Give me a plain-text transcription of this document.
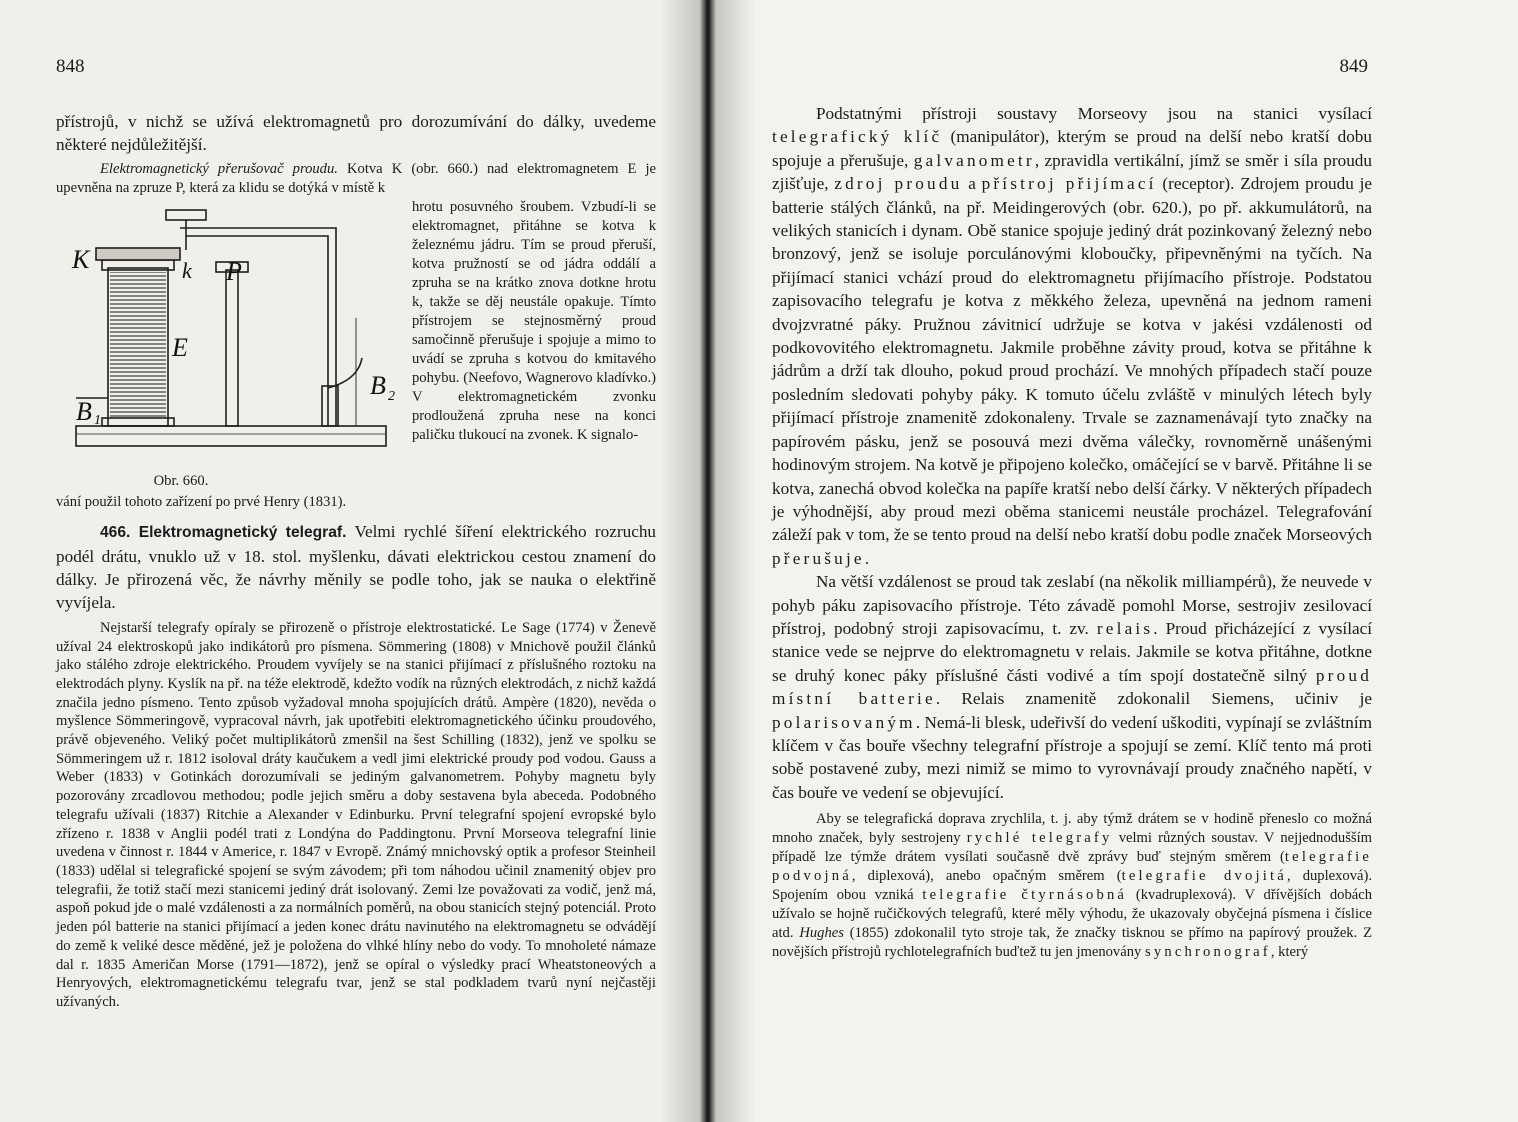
848

přístrojů, v nichž se užívá elektromagnetů pro dorozumívání do dálky, uvedeme některé nejdůležitější.

Elektromagnetický přerušovač proudu. Kotva K (obr. 660.) nad elektromagnetem E je upevněna na zpruze P, která za klidu se dotýká v místě k

K	k P
E
B 1
B 2
Obr. 660.
hrotu posuvného šroubem. Vzbudí-li se elektromagnet, přitáhne se kotva k železnému jádru. Tím se proud přeruší, kotva pružností se od jádra oddálí a zpruha se na krátko znova dotkne hrotu k, takže se děj neustále opakuje. Tímto přístrojem se stejnosměrný proud samočinně přerušuje i spojuje a mimo to uvádí se zpruha s kotvou do kmitavého pohybu. (Neefovo, Wagnerovo kladívko.) V elektromagnetickém zvonku prodloužená zpruha nese na konci paličku tlukoucí na zvonek. K signalo-

vání použil tohoto zařízení po prvé Henry (1831).

466. Elektromagnetický telegraf. Velmi rychlé šíření elektrického rozruchu podél drátu, vnuklo už v 18. stol. myšlenku, dávati elektrickou cestou znamení do dálky. Je přirozená věc, že návrhy měnily se podle toho, jak se nauka o elektřině vyvíjela.

Nejstarší telegrafy opíraly se přirozeně o přístroje elektrostatické. Le Sage (1774) v Ženevě užíval 24 elektroskopů jako indikátorů pro písmena. Sömmering (1808) v Mnichově použil článků jako stálého zdroje elektrického. Proudem vyvíjely se na stanici přijímací z příslušného roztoku na elektrodách plyny. Kyslík na př. na téže elektrodě, kdežto vodík na různých elektrodách, z nichž každá značila jedno písmeno. Tento způsob vyžadoval mnoha spojujících drátů. Ampère (1820), nevěda o myšlence Sömmeringově, vypracoval návrh, jak upotřebiti elektromagnetického účinku proudového, právě objeveného. Veliký počet multiplikátorů zmenšil na šest Schilling (1832), jenž ve spolku se Sömmeringem už r. 1812 isoloval dráty kaučukem a vedl jimi elektrické proudy pod vodou. Gauss a Weber (1833) v Gotinkách dorozumívali se jediným galvanometrem. Pohyby magnetu byly pozorovány zrcadlovou methodou; podle jejich směru a doby sestavena byla abeceda. Podobného telegrafu užívali (1837) Ritchie a Alexander v Edinburku. První telegrafní spojení evropské bylo zřízeno r. 1838 v Anglii podél trati z Londýna do Paddingtonu. První Morseova telegrafní linie uvedena v činnost r. 1844 v Americe, r. 1847 v Evropě. Známý mnichovský optik a profesor Steinheil (1833) udělal si telegrafické spojení se svým závodem; při tom náhodou učinil znamenitý objev pro telegrafii, že totiž stačí mezi stanicemi jediný drát isolovaný. Zemi lze považovati za vodič, jenž má, aspoň pokud jde o malé vzdálenosti a za normálních poměrů, na obou stanicích stejný potenciál. Proto jeden pól batterie na stanici přijímací a jeden konec drátu navinutého na elektromagnetu se odvádějí do země k veliké desce měděné, jež je položena do vlhké hlíny nebo do vody. To mnoholeté námaze dal r. 1835 Američan Morse (1791—1872), jenž se opíral o výsledky prací Wheatstoneových a Henryových, elektromagnetickému telegrafu tvar, jenž se stal podkladem tvarů nyní nejčastěji užívaných.

849

Podstatnými přístroji soustavy Morseovy jsou na stanici vysílací telegrafický klíč (manipulátor), kterým se proud na delší nebo kratší dobu spojuje a přerušuje, galvanometr, zpravidla vertikální, jímž se směr i síla proudu zjišťuje, zdroj proudu a přístroj přijímací (receptor). Zdrojem proudu je batterie stálých článků, na př. Meidingerových (obr. 620.), po př. akkumulátorů, na velikých stanicích i dynam. Obě stanice spojuje jediný drát pozinkovaný železný nebo bronzový, jenž se isoluje porculánovými kloboučky, připevněnými na tyčích. Na přijímací stanici vchází proud do elektromagnetu přijímacího přístroje. Podstatou zapisovacího telegrafu je kotva z měkkého železa, upevněná na jednom rameni dvojzvratné páky. Pružnou závitnicí udržuje se kotva v jakési vzdálenosti od podkovovitého elektromagnetu. Jakmile proběhne závity proud, kotva se přitáhne k jádrům a drží tak dlouho, pokud proud prochází. Ve mnohých případech stačí pouze posledním sledovati pohyby páky. K tomuto účelu zvláště v minulých létech byly přijímací přístroje znamenitě zdokonaleny. Trvale se zaznamenávají tyto značky na papírovém pásku, jenž se posouvá mezi dvěma válečky, rovnoměrně unášenými hodinovým strojem. Na kotvě je připojeno kolečko, omáčející se v barvě. Přitáhne li se kotva, zanechá obvod kolečka na papíře kratší nebo delší čárky. V některých případech je výhodnější, aby proud mezi oběma stanicemi neustále procházel. Telegrafování záleží pak v tom, že se tento proud na delší nebo kratší dobu podle značek Morseových přerušuje.

Na větší vzdálenost se proud tak zeslabí (na několik milliampérů), že neuvede v pohyb páku zapisovacího přístroje. Této závadě pomohl Morse, sestrojiv zesilovací přístroj, podobný stroji zapisovacímu, t. zv. relais. Proud přicházející z vysílací stanice vede se nejprve do elektromagnetu v relais. Jakmile se kotva přitáhne, dotkne se druhý konec páky příslušné části vodivé a tím spojí dostatečně silný proud místní batterie. Relais znamenitě zdokonalil Siemens, učiniv je polarisovaným. Nemá-li blesk, udeřivší do vedení uškoditi, vypínají se zvláštním klíčem v čas bouře všechny telegrafní přístroje a spojují se zemí. Klíč tento má proti sobě postavené zuby, mezi nimiž se mimo to vyrovnávají proudy značného napětí, v čas bouře ve vedení se objevující.

Aby se telegrafická doprava zrychlila, t. j. aby týmž drátem se v hodině přeneslo co možná mnoho značek, byly sestrojeny rychlé telegrafy velmi různých soustav. V nejjednodušším případě lze týmže drátem vysílati současně dvě zprávy buď stejným směrem (telegrafie podvojná, diplexová), anebo opačným směrem (telegrafie dvojitá, duplexová). Spojením obou vzniká telegrafie čtyrnásobná (kvadruplexová). V dřívějších dobách užívalo se hojně ručičkových telegrafů, které měly výhodu, že ukazovaly obyčejná písmena i číslice atd. Hughes (1855) zdokonalil tyto stroje tak, že značky tisknou se přímo na papírový proužek. Z novějších přístrojů rychlotelegrafních buďtež tu jen jmenovány synchronograf, který
